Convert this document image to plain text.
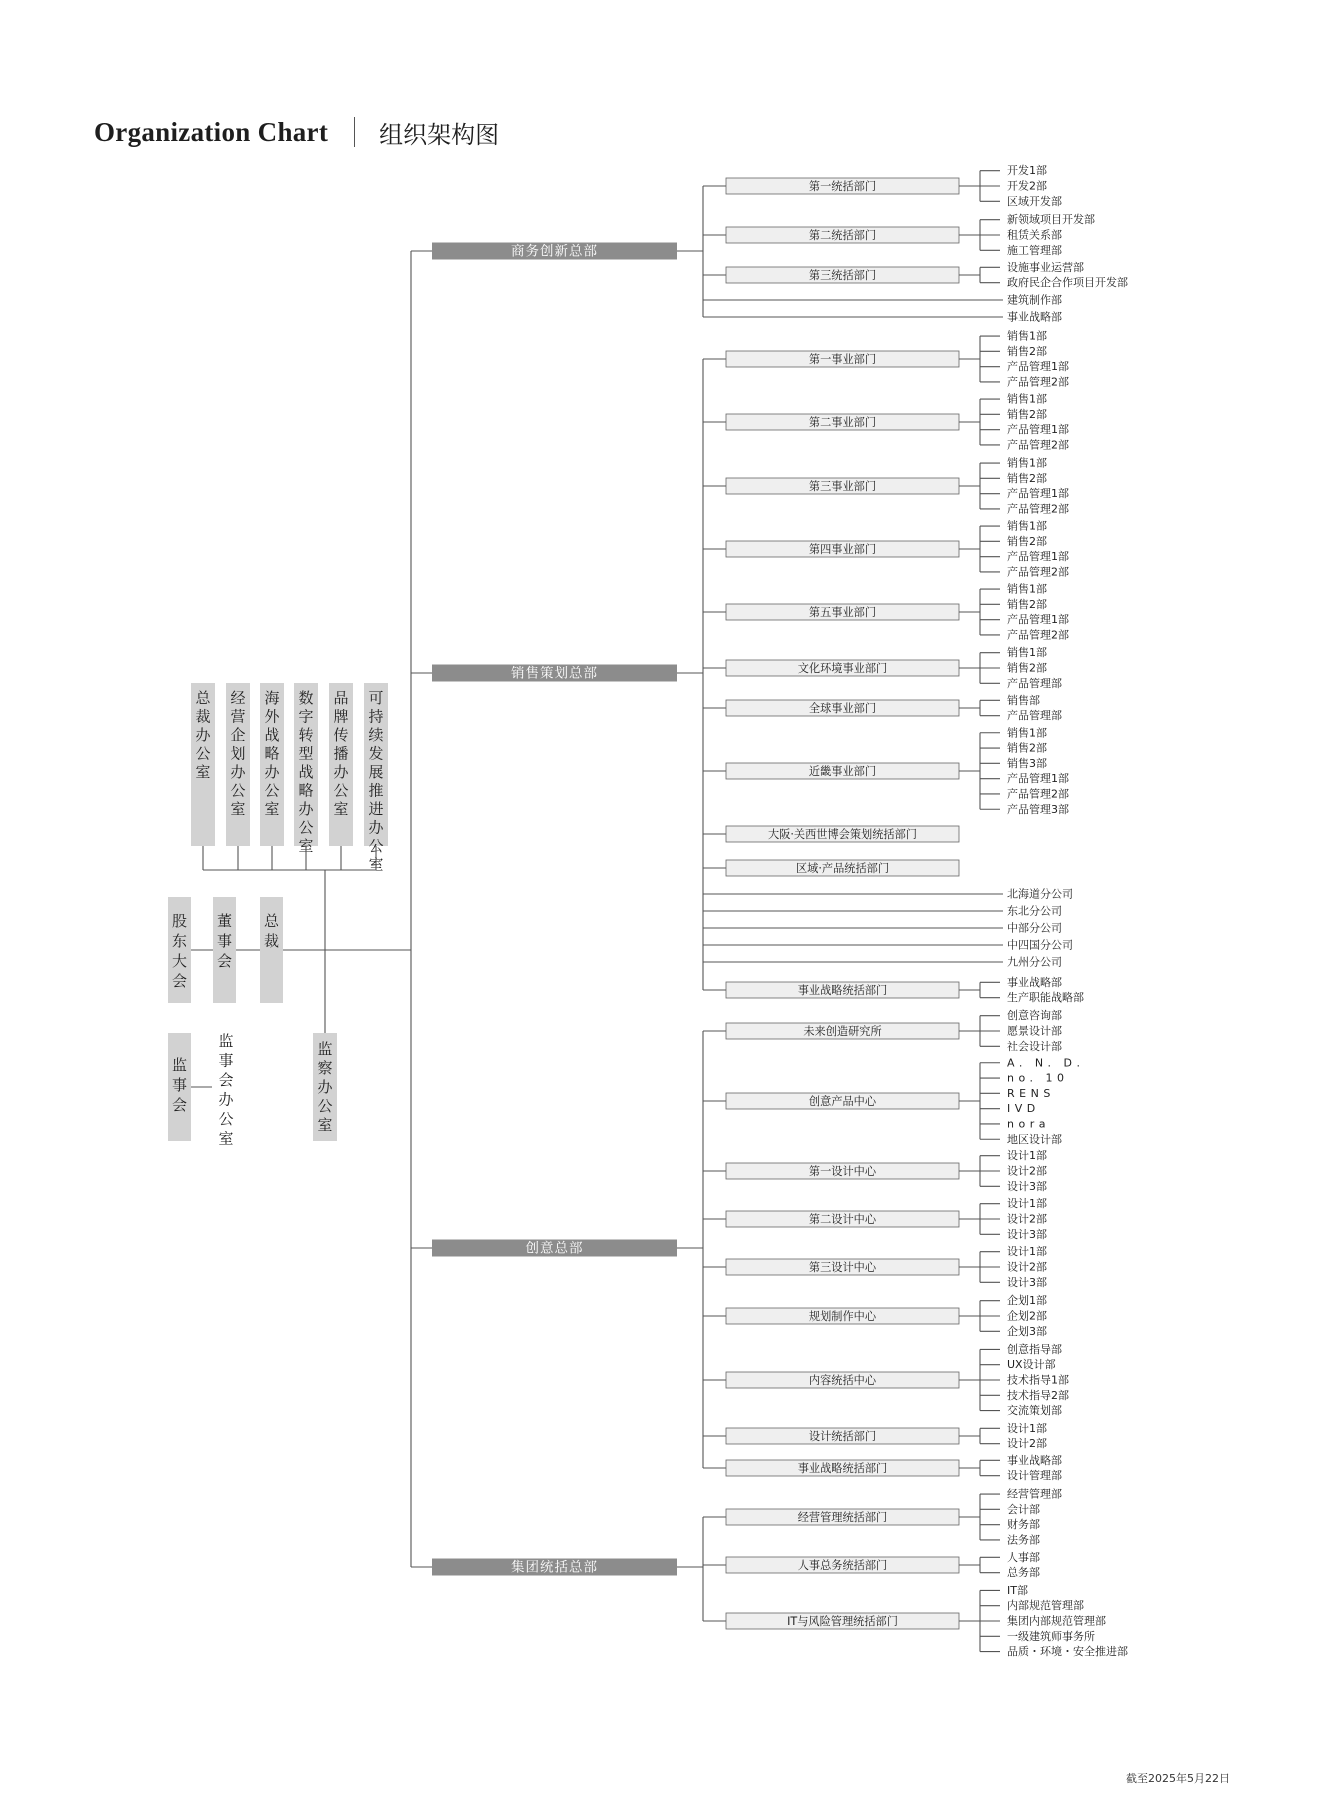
Organization Chart 组织架构图
总
裁
办
公
室
经
营
企
划
办
公
室
海
外
战
略
办
公
室
数
字
转
型
战
略
办
公
室
品
牌
传
播
办
公
室
可
持
续
发
展
推
进
办
公
室
股
东
大
会
董
事
会
总
裁
监
事
会
监
事
会
办
公
室
监
察
办
公
室
商务创新总部
第一统括部门
开发1部
开发2部
区域开发部
第二统括部门
新领域项目开发部
租赁关系部
施工管理部
第三统括部门
设施事业运营部
政府民企合作项目开发部
建筑制作部
事业战略部
销售策划总部
第一事业部门
销售1部
销售2部
产品管理1部
产品管理2部
第二事业部门
销售1部
销售2部
产品管理1部
产品管理2部
第三事业部门
销售1部
销售2部
产品管理1部
产品管理2部
第四事业部门
销售1部
销售2部
产品管理1部
产品管理2部
第五事业部门
销售1部
销售2部
产品管理1部
产品管理2部
文化环境事业部门
销售1部
销售2部
产品管理部
全球事业部门
销售部
产品管理部
近畿事业部门
销售1部
销售2部
销售3部
产品管理1部
产品管理2部
产品管理3部
大阪·关西世博会策划统括部门
区域·产品统括部门
北海道分公司
东北分公司
中部分公司
中四国分公司
九州分公司
事业战略统括部门
事业战略部
生产职能战略部
创意总部
未来创造研究所
创意咨询部
愿景设计部
社会设计部
创意产品中心
A. N. D.
no. 10
RENS
IVD
nora
地区设计部
第一设计中心
设计1部
设计2部
设计3部
第二设计中心
设计1部
设计2部
设计3部
第三设计中心
设计1部
设计2部
设计3部
规划制作中心
企划1部
企划2部
企划3部
内容统括中心
创意指导部
UX设计部
技术指导1部
技术指导2部
交流策划部
设计统括部门
设计1部
设计2部
事业战略统括部门
事业战略部
设计管理部
集团统括总部
经营管理统括部门
经营管理部
会计部
财务部
法务部
人事总务统括部门
人事部
总务部
IT与风险管理统括部门
IT部
内部规范管理部
集团内部规范管理部
一级建筑师事务所
品质・环境・安全推进部
截至2025年5月22日
